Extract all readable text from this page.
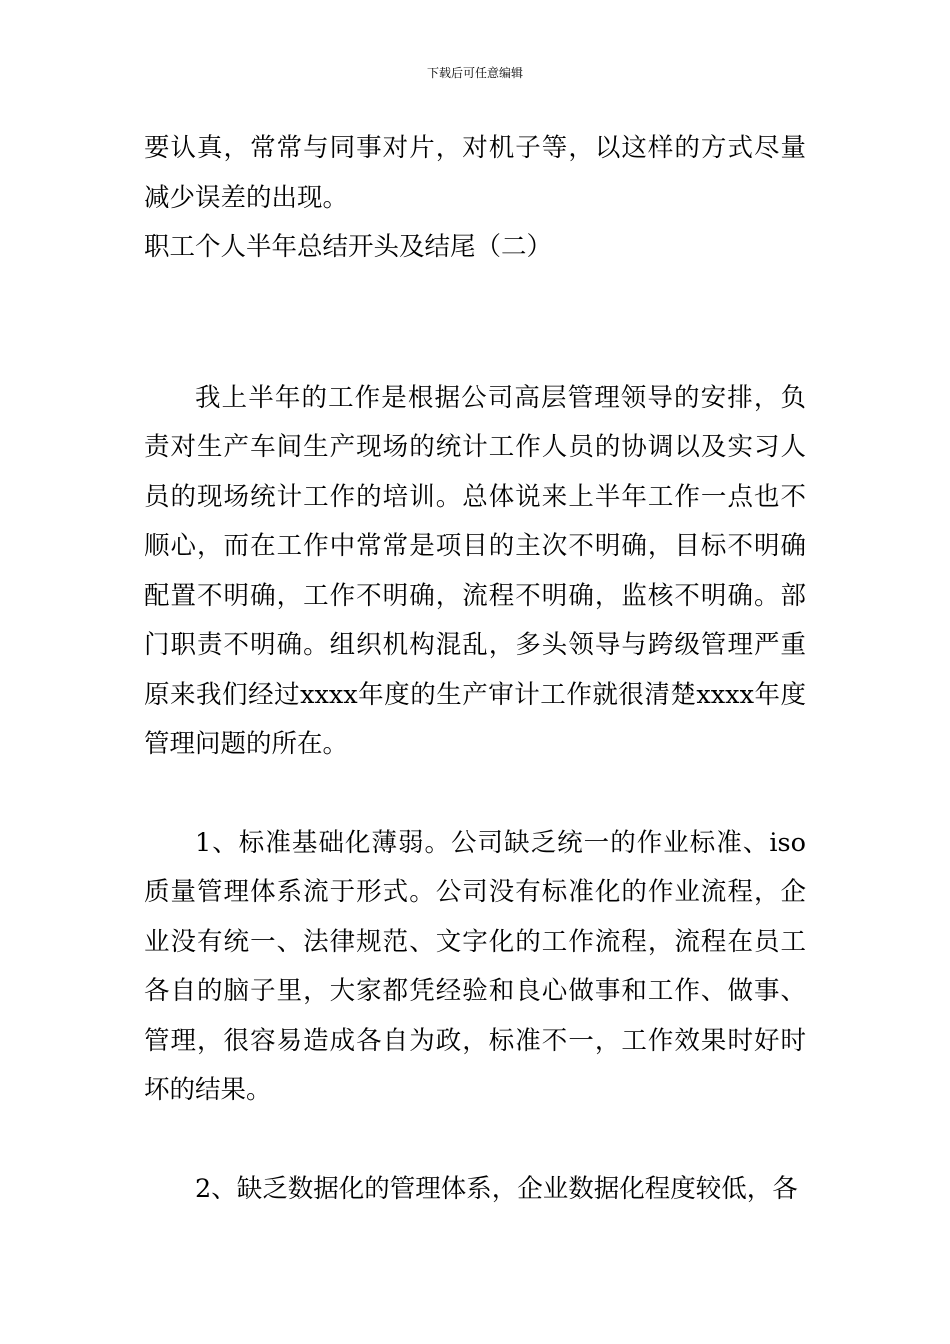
下载后可任意编辑

要认真，常常与同事对片，对机子等，以这样的方式尽量减少误差的出现。

职工个人半年总结开头及结尾（二）

我上半年的工作是根据公司高层管理领导的安排，负责对生产车间生产现场的统计工作人员的协调以及实习人员的现场统计工作的培训。总体说来上半年工作一点也不顺心，而在工作中常常是项目的主次不明确，目标不明确配置不明确，工作不明确，流程不明确，监核不明确。部门职责不明确。组织机构混乱，多头领导与跨级管理严重原来我们经过xxxx年度的生产审计工作就很清楚xxxx年度管理问题的所在。

1、标准基础化薄弱。公司缺乏统一的作业标准、iso质量管理体系流于形式。公司没有标准化的作业流程，企业没有统一、法律规范、文字化的工作流程，流程在员工各自的脑子里，大家都凭经验和良心做事和工作、做事、管理，很容易造成各自为政，标准不一，工作效果时好时坏的结果。

2、缺乏数据化的管理体系，企业数据化程度较低，各
